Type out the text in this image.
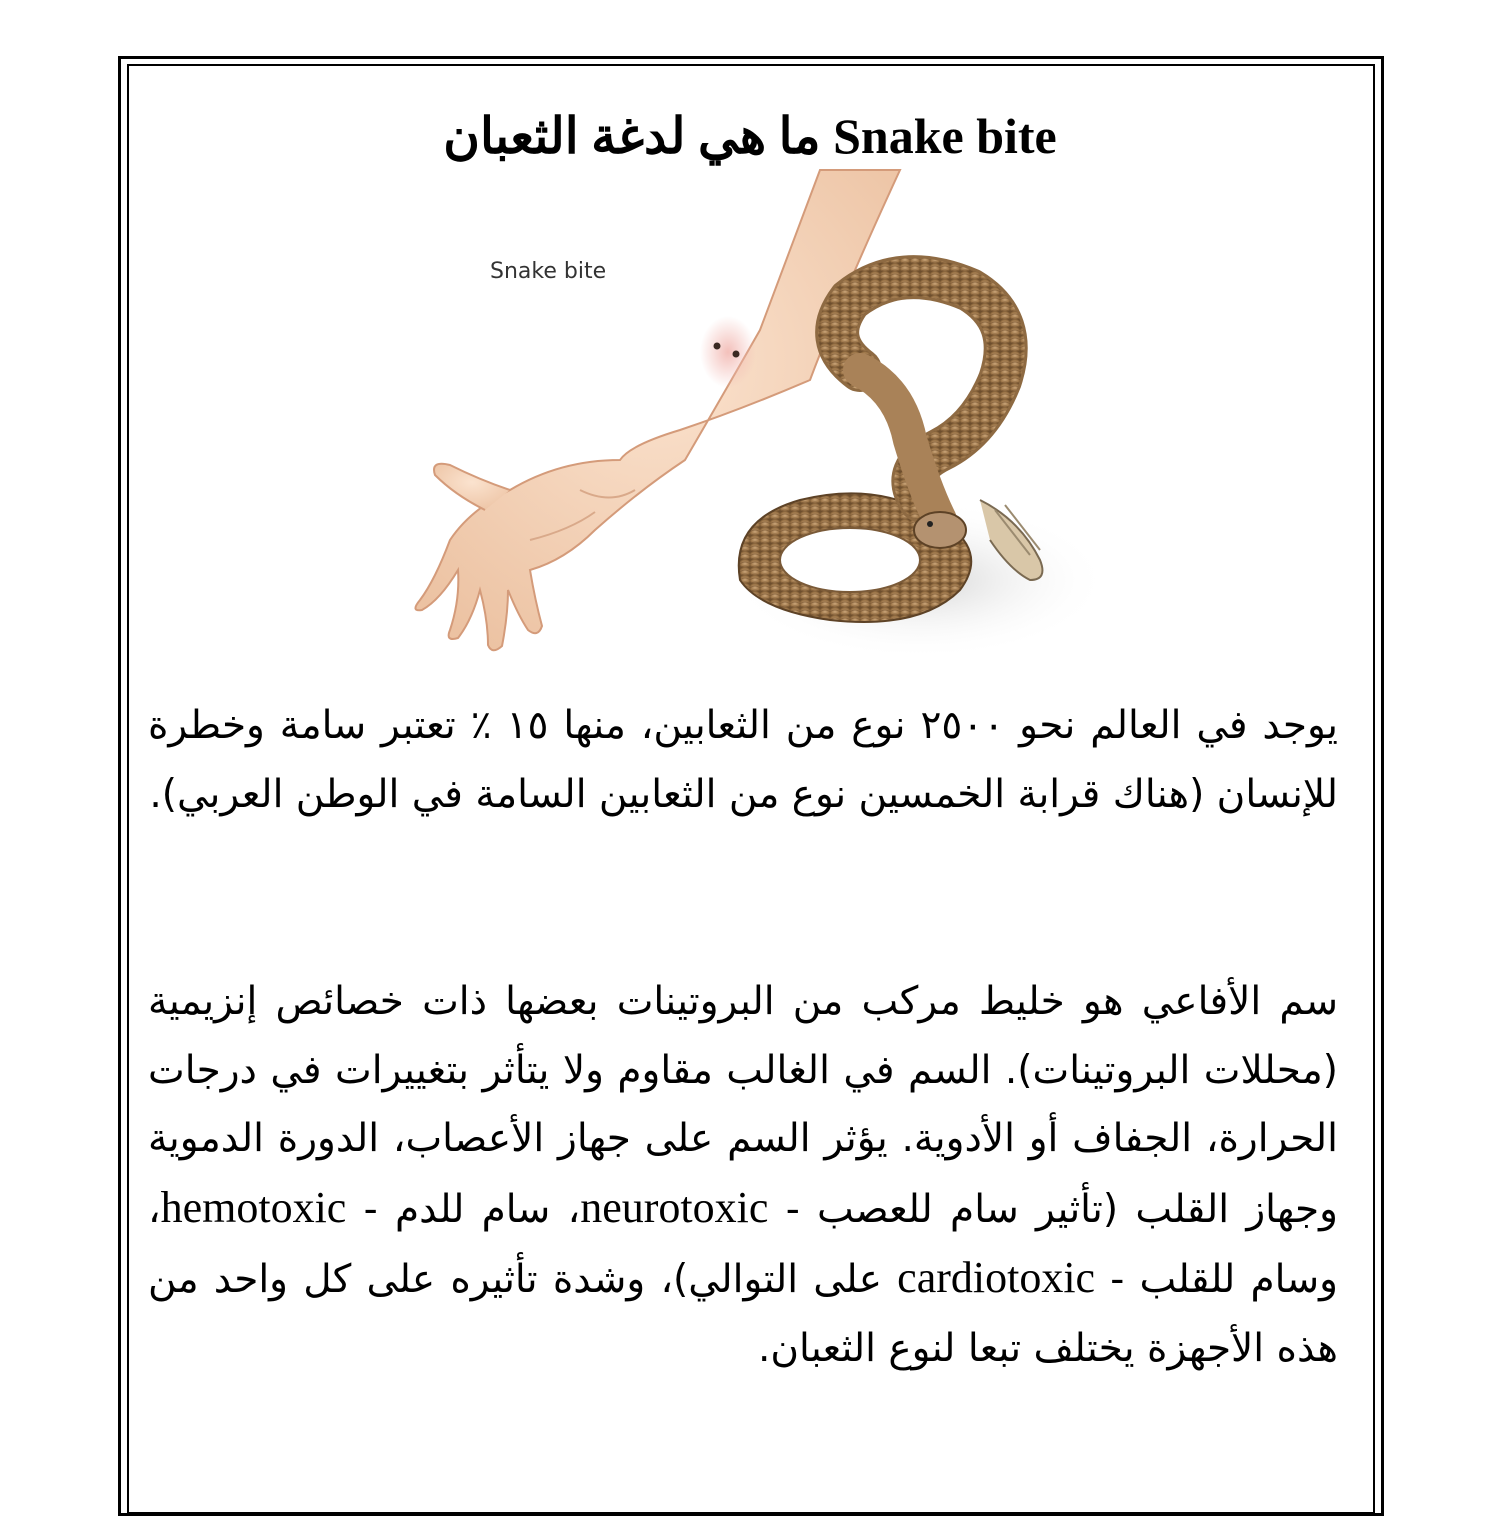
Snake bite ما هي لدغة الثعبان
Snake bite

يوجد في العالم نحو ٢٥٠٠ نوع من الثعابين، منها ١٥ ٪ تعتبر سامة وخطرة للإنسان (هناك قرابة الخمسين نوع من الثعابين السامة في الوطن العربي).

سم الأفاعي هو خليط مركب من البروتينات بعضها ذات خصائص إنزيمية (محللات البروتينات). السم في الغالب مقاوم ولا يتأثر بتغييرات في درجات الحرارة، الجفاف أو الأدوية. يؤثر السم على جهاز الأعصاب، الدورة الدموية وجهاز القلب (تأثير سام للعصب - neurotoxic، سام للدم - hemotoxic، وسام للقلب - cardiotoxic على التوالي)، وشدة تأثيره على كل واحد من هذه الأجهزة يختلف تبعا لنوع الثعبان.
